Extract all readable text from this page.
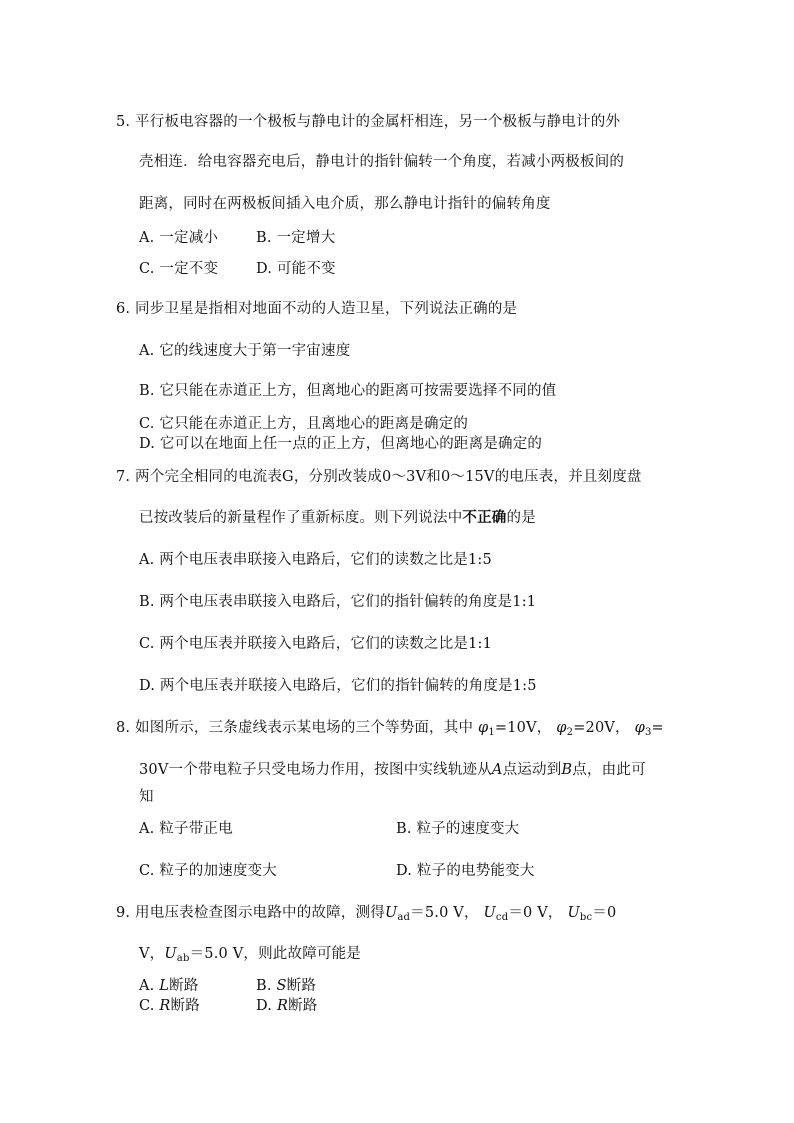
5. 平行板电容器的一个极板与静电计的金属杆相连，另一个极板与静电计的外
壳相连．给电容器充电后，静电计的指针偏转一个角度，若减小两极板间的
距离，同时在两极板间插入电介质，那么静电计指针的偏转角度
A. 一定减小	B. 一定增大
C. 一定不变	D. 可能不变
6. 同步卫星是指相对地面不动的人造卫星，下列说法正确的是
A. 它的线速度大于第一宇宙速度
B. 它只能在赤道正上方，但离地心的距离可按需要选择不同的值
C. 它只能在赤道正上方，且离地心的距离是确定的
D. 它可以在地面上任一点的正上方，但离地心的距离是确定的
7. 两个完全相同的电流表G，分别改装成0～3V和0～15V的电压表，并且刻度盘
已按改装后的新量程作了重新标度。则下列说法中不正确的是
A. 两个电压表串联接入电路后，它们的读数之比是1:5
B. 两个电压表串联接入电路后，它们的指针偏转的角度是1:1
C. 两个电压表并联接入电路后，它们的读数之比是1:1
D. 两个电压表并联接入电路后，它们的指针偏转的角度是1:5
8. 如图所示，三条虚线表示某电场的三个等势面，其中 $\varphi_1=10V$， $\varphi_2=20V$， $\varphi_3=$
30V一个带电粒子只受电场力作用，按图中实线轨迹从A点运动到B点，由此可
知
A. 粒子带正电	B. 粒子的速度变大
C. 粒子的加速度变大	D. 粒子的电势能变大
9. 用电压表检查图示电路中的故障，测得$U_{ad}=5.0$ V， $U_{cd}=0$ V， $U_{bc}=0$
V，$U_{ab}=5.0$ V，则此故障可能是
A. L断路	B. S断路
C. R断路	D. R断路
